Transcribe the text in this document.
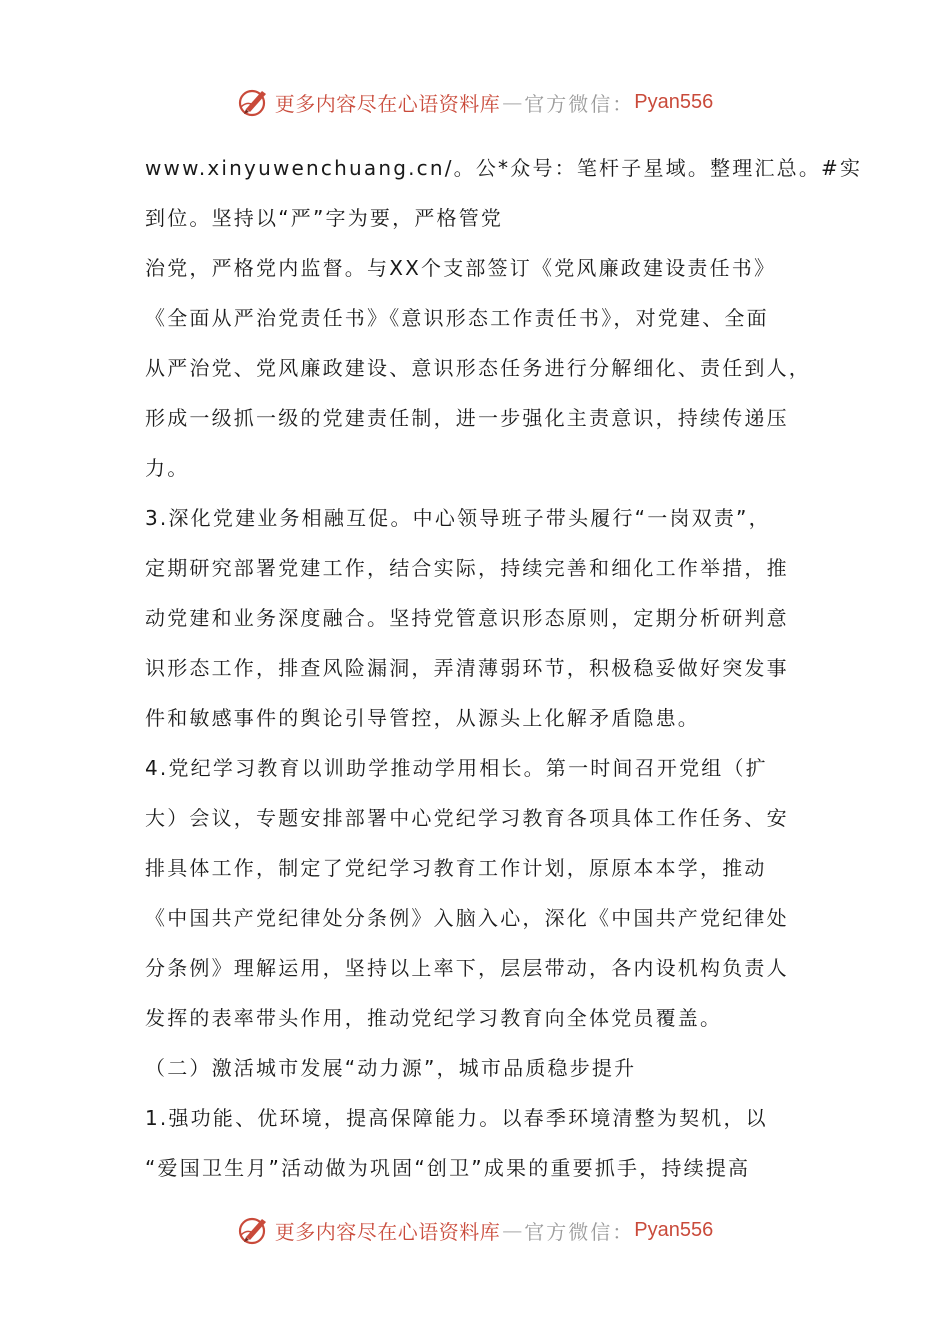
更多内容尽在心语资料库 — 官方微信： Pyan556
www.xinyuwenchuang.cn/。公*众号：笔杆子星域。整理汇总。#实
到位。坚持以“严”字为要，严格管党
治党，严格党内监督。与XX个支部签订《党风廉政建设责任书》
《全面从严治党责任书》《意识形态工作责任书》，对党建、全面
从严治党、党风廉政建设、意识形态任务进行分解细化、责任到人，
形成一级抓一级的党建责任制，进一步强化主责意识，持续传递压
力。
3.深化党建业务相融互促。中心领导班子带头履行“一岗双责”，
定期研究部署党建工作，结合实际，持续完善和细化工作举措，推
动党建和业务深度融合。坚持党管意识形态原则，定期分析研判意
识形态工作，排查风险漏洞，弄清薄弱环节，积极稳妥做好突发事
件和敏感事件的舆论引导管控，从源头上化解矛盾隐患。
4.党纪学习教育以训助学推动学用相长。第一时间召开党组（扩
大）会议，专题安排部署中心党纪学习教育各项具体工作任务、安
排具体工作，制定了党纪学习教育工作计划，原原本本学，推动
《中国共产党纪律处分条例》入脑入心，深化《中国共产党纪律处
分条例》理解运用，坚持以上率下，层层带动，各内设机构负责人
发挥的表率带头作用，推动党纪学习教育向全体党员覆盖。
（二）激活城市发展“动力源”，城市品质稳步提升
1.强功能、优环境，提高保障能力。以春季环境清整为契机，以
“爱国卫生月”活动做为巩固“创卫”成果的重要抓手，持续提高
更多内容尽在心语资料库 — 官方微信： Pyan556
